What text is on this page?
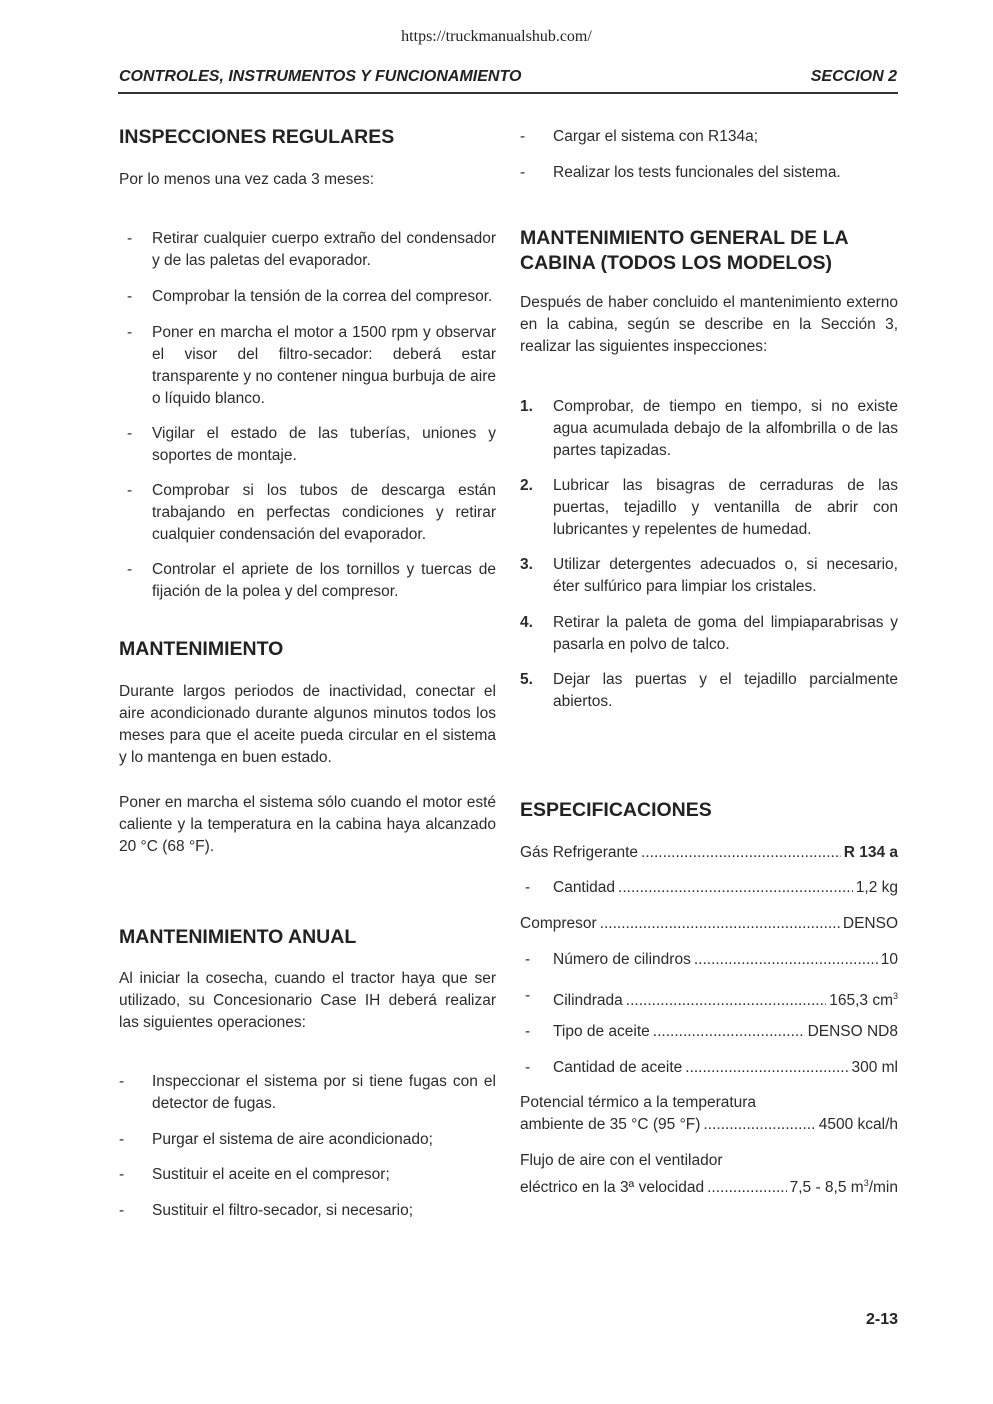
https://truckmanualshub.com/
CONTROLES, INSTRUMENTOS Y FUNCIONAMIENTO	SECCION 2
INSPECCIONES REGULARES

Por lo menos una vez cada 3 meses:

- Retirar cualquier cuerpo extraño del condensador y de las paletas del evaporador.
- Comprobar la tensión de la correa del compresor.
- Poner en marcha el motor a 1500 rpm y observar el visor del filtro-secador: deberá estar transparente y no contener ningua burbuja de aire o líquido blanco.
- Vigilar el estado de las tuberías, uniones y soportes de montaje.
- Comprobar si los tubos de descarga están trabajando en perfectas condiciones y retirar cualquier condensación del evaporador.
- Controlar el apriete de los tornillos y tuercas de fijación de la polea y del compresor.
MANTENIMIENTO

Durante largos periodos de inactividad, conectar el aire acondicionado durante algunos minutos todos los meses para que el aceite pueda circular en el sistema y lo mantenga en buen estado.

Poner en marcha el sistema sólo cuando el motor esté caliente y la temperatura en la cabina haya alcanzado 20 °C (68 °F).

MANTENIMIENTO ANUAL

Al iniciar la cosecha, cuando el tractor haya que ser utilizado, su Concesionario Case IH deberá realizar las siguientes operaciones:

- Inspeccionar el sistema por si tiene fugas con el detector de fugas.
- Purgar el sistema de aire acondicionado;
- Sustituir el aceite en el compresor;
- Sustituir el filtro-secador, si necesario;
- Cargar el sistema con R134a;
- Realizar los tests funcionales del sistema.
MANTENIMIENTO GENERAL DE LA
CABINA (TODOS LOS MODELOS)

Después de haber concluido el mantenimiento externo en la cabina, según se describe en la Sección 3, realizar las siguientes inspecciones:

1. Comprobar, de tiempo en tiempo, si no existe agua acumulada debajo de la alfombrilla o de las partes tapizadas.
2. Lubricar las bisagras de cerraduras de las puertas, tejadillo y ventanilla de abrir con lubricantes y repelentes de humedad.
3. Utilizar detergentes adecuados o, si necesario, éter sulfúrico para limpiar los cristales.
4. Retirar la paleta de goma del limpiaparabrisas y pasarla en polvo de talco.
5. Dejar las puertas y el tejadillo parcialmente abiertos.
ESPECIFICACIONES
Gás Refrigerante .....	R 134 a
- Cantidad .....	1,2 kg
Compresor .....	DENSO
- Número de cilindros .....	10
- Cilindrada .....	165,3 $cm^3$
- Tipo de aceite .....	DENSO ND8
- Cantidad de aceite .....	300 ml

Potencial térmico a la temperatura

ambiente de 35 °C (95 °F) .....	4500 kcal/h

Flujo de aire con el ventilador

eléctrico en la 3ª velocidad .....	7,5 - 8,5 $m^3/\min$
2-13
